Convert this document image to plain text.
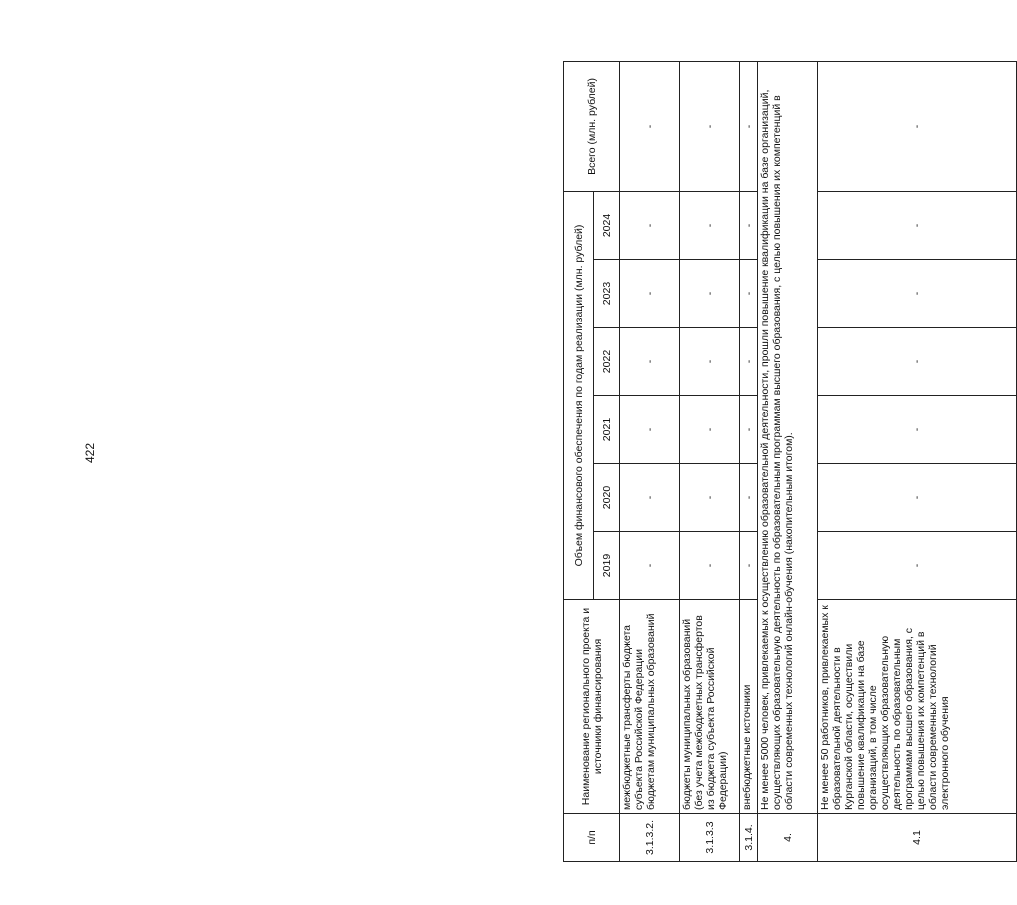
422
п/п	Наименование регионального проекта и источники финансирования	Объем финансового обеспечения по годам реализации (млн. рублей)						Всего (млн. рублей)
		2019	2020	2021	2022	2023	2024	
3.1.3.2.	межбюджетные трансферты бюджета субъекта Российской Федерации бюджетам муниципальных образований	-	-	-	-	-	-	-
3.1.3.3	бюджеты муниципальных образований (без учета межбюджетных трансфертов из бюджета субъекта Российской Федерации)	-	-	-	-	-	-	-
3.1.4.	внебюджетные источники	-	-	-	-	-	-	-
4.	Не менее 5000 человек, привлекаемых к осуществлению образовательной деятельности, прошли повышение квалификации на базе организаций, осуществляющих образовательную деятельность по образовательным программам высшего образования, с целью повышения их компетенций в области современных технологий онлайн-обучения (накопительным итогом).							
4.1	Не менее 50 работников, привлекаемых к образовательной деятельности в Курганской области, осуществили повышение квалификации на базе организаций, в том числе осуществляющих образовательную деятельность по образовательным программам высшего образования, с целью повышения их компетенций в области современных технологий электронного обучения	-	-	-	-	-	-	-
